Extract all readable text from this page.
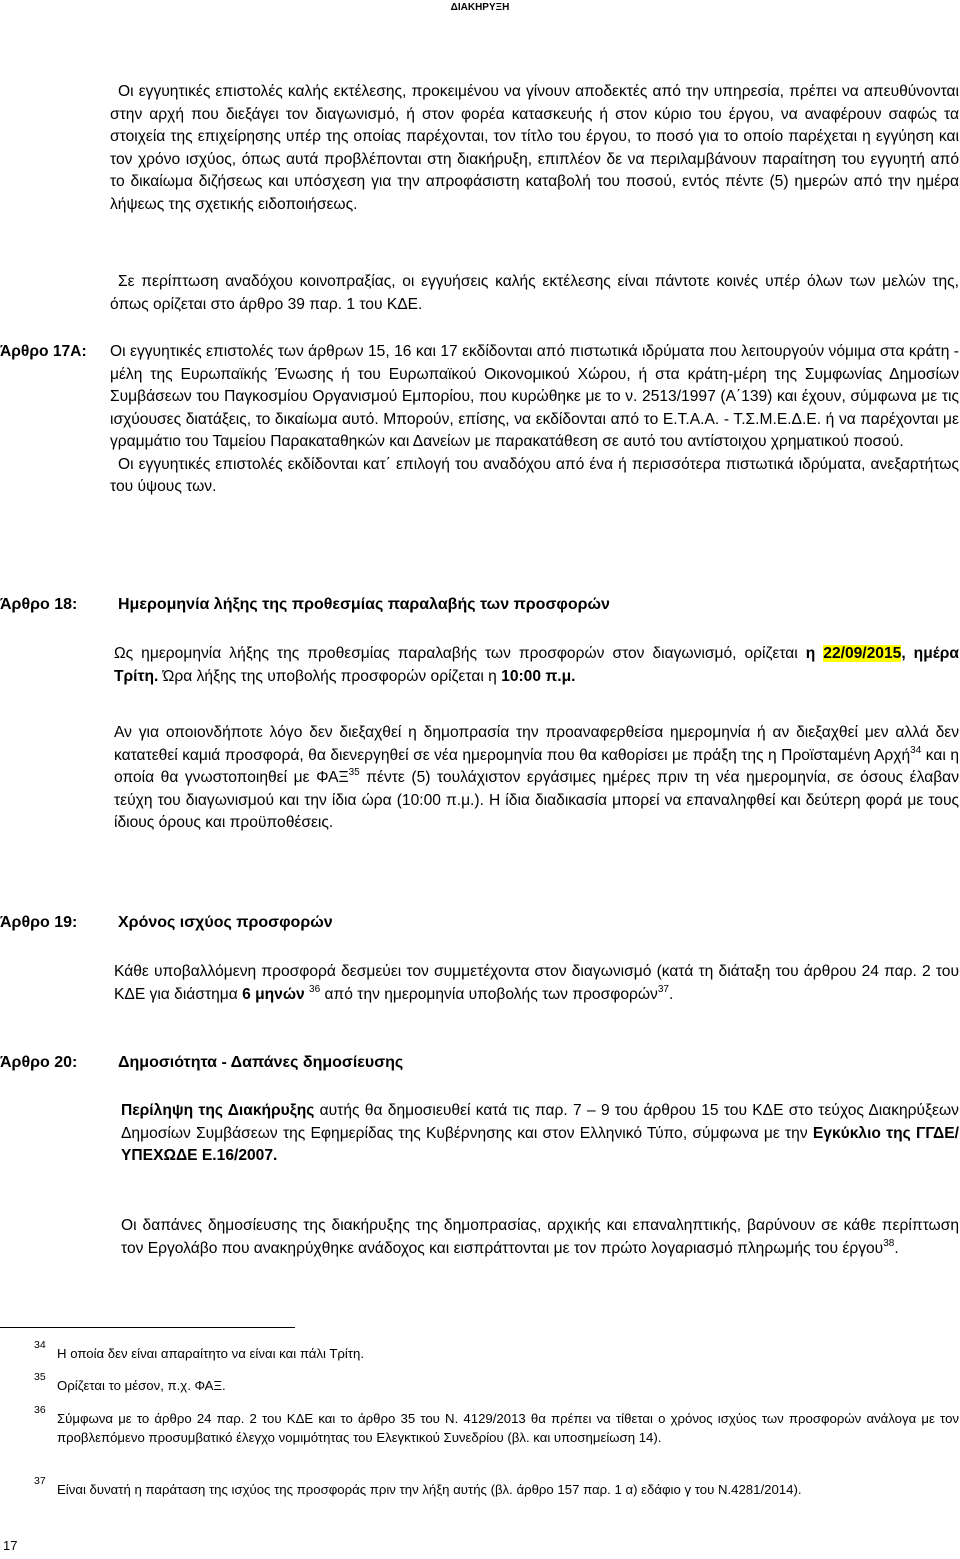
ΔΙΑΚΗΡΥΞΗ
Οι εγγυητικές επιστολές καλής εκτέλεσης, προκειμένου να γίνουν αποδεκτές από την υπηρεσία, πρέπει να απευθύνονται στην αρχή που διεξάγει τον διαγωνισμό, ή στον φορέα κατασκευής ή στον κύριο του έργου, να αναφέρουν σαφώς τα στοιχεία της επιχείρησης υπέρ της οποίας παρέχονται, τον τίτλο του έργου, το ποσό για το οποίο παρέχεται η εγγύηση και τον χρόνο ισχύος, όπως αυτά προβλέπονται στη διακήρυξη, επιπλέον δε να περιλαμβάνουν παραίτηση του εγγυητή από το δικαίωμα διζήσεως και υπόσχεση για την απροφάσιστη καταβολή του ποσού, εντός πέντε (5) ημερών από την ημέρα λήψεως της σχετικής ειδοποιήσεως.
Σε περίπτωση αναδόχου κοινοπραξίας, οι εγγυήσεις καλής εκτέλεσης είναι πάντοτε κοινές υπέρ όλων των μελών της, όπως ορίζεται στο άρθρο 39 παρ. 1 του ΚΔΕ.
Άρθρο 17Α:	Οι εγγυητικές επιστολές των άρθρων 15, 16 και 17 εκδίδονται από πιστωτικά ιδρύματα που λειτουργούν νόμιμα στα κράτη - μέλη της Ευρωπαϊκής Ένωσης ή του Ευρωπαϊκού Οικονομικού Χώρου, ή στα κράτη-μέρη της Συμφωνίας Δημοσίων Συμβάσεων του Παγκοσμίου Οργανισμού Εμπορίου, που κυρώθηκε με το ν. 2513/1997 (Α΄139) και έχουν, σύμφωνα με τις ισχύουσες διατάξεις, το δικαίωμα αυτό. Μπορούν, επίσης, να εκδίδονται από το Ε.Τ.Α.Α. - Τ.Σ.Μ.Ε.Δ.Ε. ή να παρέχονται με γραμμάτιο του Ταμείου Παρακαταθηκών και Δανείων με παρακατάθεση σε αυτό του αντίστοιχου χρηματικού ποσού.
Οι εγγυητικές επιστολές εκδίδονται κατ΄ επιλογή του αναδόχου από ένα ή περισσότερα πιστωτικά ιδρύματα, ανεξαρτήτως του ύψους των.
Άρθρο 18:	Ημερομηνία λήξης της προθεσμίας παραλαβής των προσφορών
Ως ημερομηνία λήξης της προθεσμίας παραλαβής των προσφορών στον διαγωνισμό, ορίζεται η 22/09/2015, ημέρα Τρίτη. Ώρα λήξης της υποβολής προσφορών ορίζεται η 10:00 π.μ.
Αν για οποιονδήποτε λόγο δεν διεξαχθεί η δημοπρασία την προαναφερθείσα ημερομηνία ή αν διεξαχθεί μεν αλλά δεν κατατεθεί καμιά προσφορά, θα διενεργηθεί σε νέα ημερομηνία που θα καθορίσει με πράξη της η Προϊσταμένη Αρχή$^{34}$ και η οποία θα γνωστοποιηθεί με ΦΑΞ$^{35}$ πέντε (5) τουλάχιστον εργάσιμες ημέρες πριν τη νέα ημερομηνία, σε όσους έλαβαν τεύχη του διαγωνισμού και την ίδια ώρα (10:00 π.μ.). Η ίδια διαδικασία μπορεί να επαναληφθεί και δεύτερη φορά με τους ίδιους όρους και προϋποθέσεις.
Άρθρο 19:	Χρόνος ισχύος προσφορών
Κάθε υποβαλλόμενη προσφορά δεσμεύει τον συμμετέχοντα στον διαγωνισμό (κατά τη διάταξη του άρθρου 24 παρ. 2 του ΚΔΕ για διάστημα 6 μηνών $^{36}$ από την ημερομηνία υποβολής των προσφορών$^{37}$.
Άρθρο 20:	Δημοσιότητα - Δαπάνες δημοσίευσης
Περίληψη της Διακήρυξης αυτής θα δημοσιευθεί κατά τις παρ. 7 – 9 του άρθρου 15 του ΚΔΕ στο τεύχος Διακηρύξεων Δημοσίων Συμβάσεων της Εφημερίδας της Κυβέρνησης και στον Ελληνικό Τύπο, σύμφωνα με την Εγκύκλιο της ΓΓΔΕ/ ΥΠΕΧΩΔΕ Ε.16/2007.
Οι δαπάνες δημοσίευσης της διακήρυξης της δημοπρασίας, αρχικής και επαναληπτικής, βαρύνουν σε κάθε περίπτωση τον Εργολάβο που ανακηρύχθηκε ανάδοχος και εισπράττονται με τον πρώτο λογαριασμό πληρωμής του έργου$^{38}$.
34
Η οποία δεν είναι απαραίτητο να είναι και πάλι Τρίτη.
35
Ορίζεται το μέσον, π.χ. ΦΑΞ.
36
Σύμφωνα με το άρθρο 24 παρ. 2 του ΚΔΕ και το άρθρο 35 του Ν. 4129/2013 θα πρέπει να τίθεται ο χρόνος ισχύος των προσφορών ανάλογα με τον προβλεπόμενο προσυμβατικό έλεγχο νομιμότητας του Ελεγκτικού Συνεδρίου (βλ. και υποσημείωση 14).
37
Είναι δυνατή η παράταση της ισχύος της προσφοράς πριν την λήξη αυτής (βλ. άρθρο 157 παρ. 1 α) εδάφιο γ του Ν.4281/2014).
17
